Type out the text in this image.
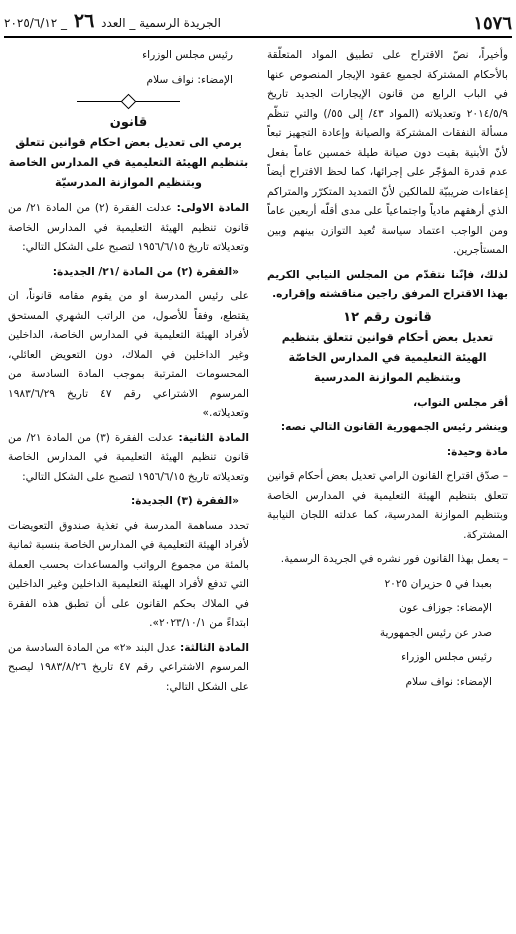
١٥٧٦
الجريدة الرسمية _ العدد ٢٦ _ ٢٠٢٥/٦/١٢

وأخيراً، نصّ الاقتراح على تطبيق المواد المتعلّقة بالأحكام المشتركة لجميع عقود الإيجار المنصوص عنها في الباب الرابع من قانون الإيجارات الجديد تاريخ ٢٠١٤/٥/٩ وتعديلاته (المواد ٤٣/ إلى ٥٥/) والتي تنظّم مسألة النفقات المشتركة والصيانة وإعادة التجهيز تبعاً لأنّ الأبنية بقيت دون صيانة طيلة خمسين عاماً بفعل عدم قدرة المؤجّر على إجرائها، كما لحظ الاقتراح أيضاً إعفاءات ضريبيّة للمالكين لأنّ التمديد المتكرّر والمتراكم الذي أرهقهم مادياً واجتماعياً على مدى أقلّه أربعين عاماً ومن الواجب اعتماد سياسة تُعيد التوازن بينهم وبين المستأجرين.

لذلك، فإنّنا نتقدّم من المجلس النيابي الكريم بهذا الاقتراح المرفق راجين مناقشته وإقراره.

قانون رقم ١٢
تعديل بعض أحكام قوانين تتعلق بتنظيم الهيئة التعليمية في المدارس الخاصّة وبتنظيم الموازنة المدرسية

أقر مجلس النواب،

وينشر رئيس الجمهورية القانون التالي نصه:

مادة وحيدة:

– صدّق اقتراح القانون الرامي تعديل بعض أحكام قوانين تتعلق بتنظيم الهيئة التعليمية في المدارس الخاصة وبتنظيم الموازنة المدرسية، كما عدلته اللجان النيابية المشتركة.

– يعمل بهذا القانون فور نشره في الجريدة الرسمية.

بعبدا في ٥ حزيران ٢٠٢٥

الإمضاء: جوزاف عون

صدر عن رئيس الجمهورية

رئيس مجلس الوزراء

الإمضاء: نواف سلام

رئيس مجلس الوزراء

الإمضاء: نواف سلام

قانون
يرمي الى تعديل بعض احكام قوانين تتعلق بتنظيم الهيئة التعليمية في المدارس الخاصة وبتنظيم الموازنة المدرسيّة

المادة الاولى: عدلت الفقرة (٢) من المادة ٢١/ من قانون تنظيم الهيئة التعليمية في المدارس الخاصة وتعديلاته تاريخ ١٩٥٦/٦/١٥ لتصبح على الشكل التالي:

«الفقرة (٢) من المادة /٢١/ الجديدة:

على رئيس المدرسة او من يقوم مقامه قانوناً، ان يقتطع، وفقاً للأصول، من الراتب الشهري المستحق لأفراد الهيئة التعليمية في المدارس الخاصة، الداخلين وغير الداخلين في الملاك، دون التعويض العائلي، المحسومات المترتبة بموجب المادة السادسة من المرسوم الاشتراعي رقم ٤٧ تاريخ ١٩٨٣/٦/٢٩ وتعديلاته.»

المادة الثانية: عدلت الفقرة (٣) من المادة ٢١/ من قانون تنظيم الهيئة التعليمية في المدارس الخاصة وتعديلاته تاريخ ١٩٥٦/٦/١٥ لتصبح على الشكل التالي:

«الفقرة (٣) الجديدة:

تحدد مساهمة المدرسة في تغذية صندوق التعويضات لأفراد الهيئة التعليمية في المدارس الخاصة بنسبة ثمانية بالمئة من مجموع الرواتب والمساعدات بحسب العملة التي تدفع لأفراد الهيئة التعليمية الداخلين وغير الداخلين في الملاك بحكم القانون على أن تطبق هذه الفقرة ابتداءً من ٢٠٢٣/١٠/١».

المادة الثالثة: عدل البند «٢» من المادة السادسة من المرسوم الاشتراعي رقم ٤٧ تاريخ ١٩٨٣/٨/٢٦ ليصبح على الشكل التالي:
